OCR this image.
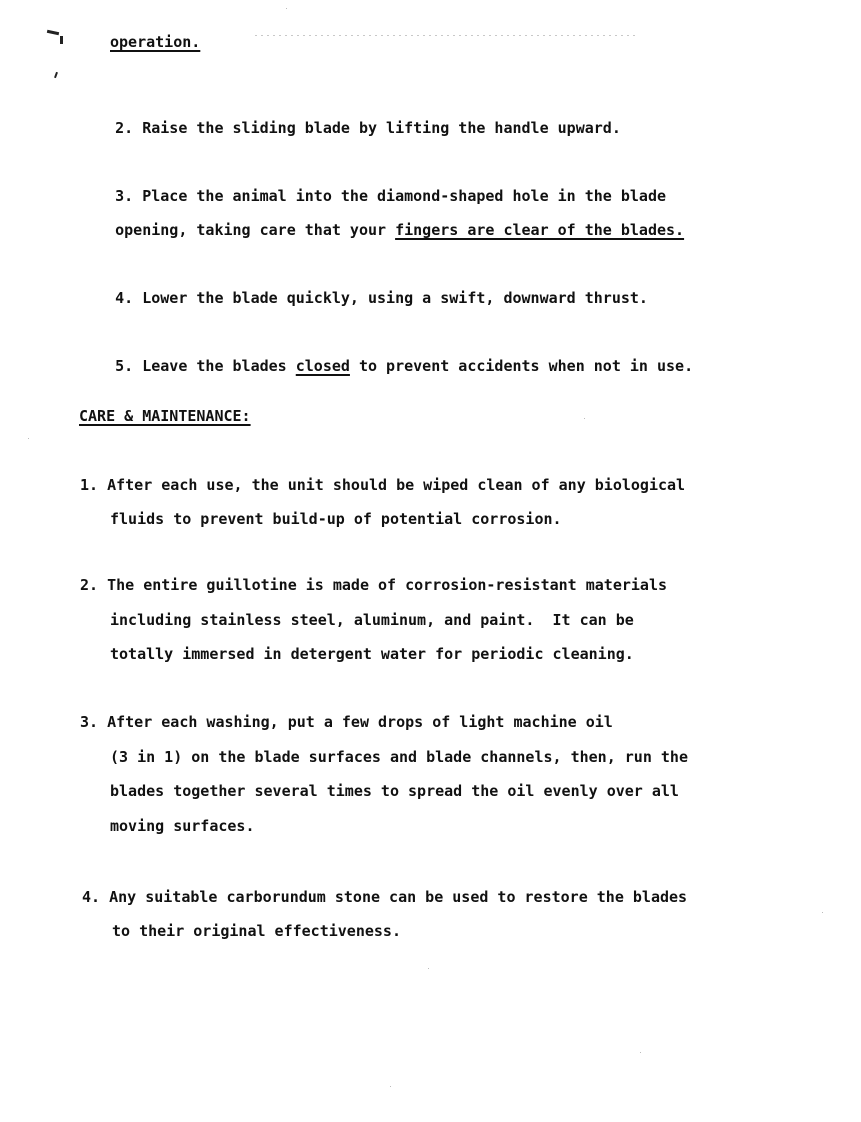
operation.

2. Raise the sliding blade by lifting the handle upward.

3. Place the animal into the diamond-shaped hole in the blade

opening, taking care that your fingers are clear of the blades.

4. Lower the blade quickly, using a swift, downward thrust.

5. Leave the blades closed to prevent accidents when not in use.

CARE & MAINTENANCE:
1. After each use, the unit should be wiped clean of any biological
fluids to prevent build-up of potential corrosion.
2. The entire guillotine is made of corrosion-resistant materials
including stainless steel, aluminum, and paint.  It can be
totally immersed in detergent water for periodic cleaning.
3. After each washing, put a few drops of light machine oil
(3 in 1) on the blade surfaces and blade channels, then, run the
blades together several times to spread the oil evenly over all
moving surfaces.
4. Any suitable carborundum stone can be used to restore the blades
to their original effectiveness.
